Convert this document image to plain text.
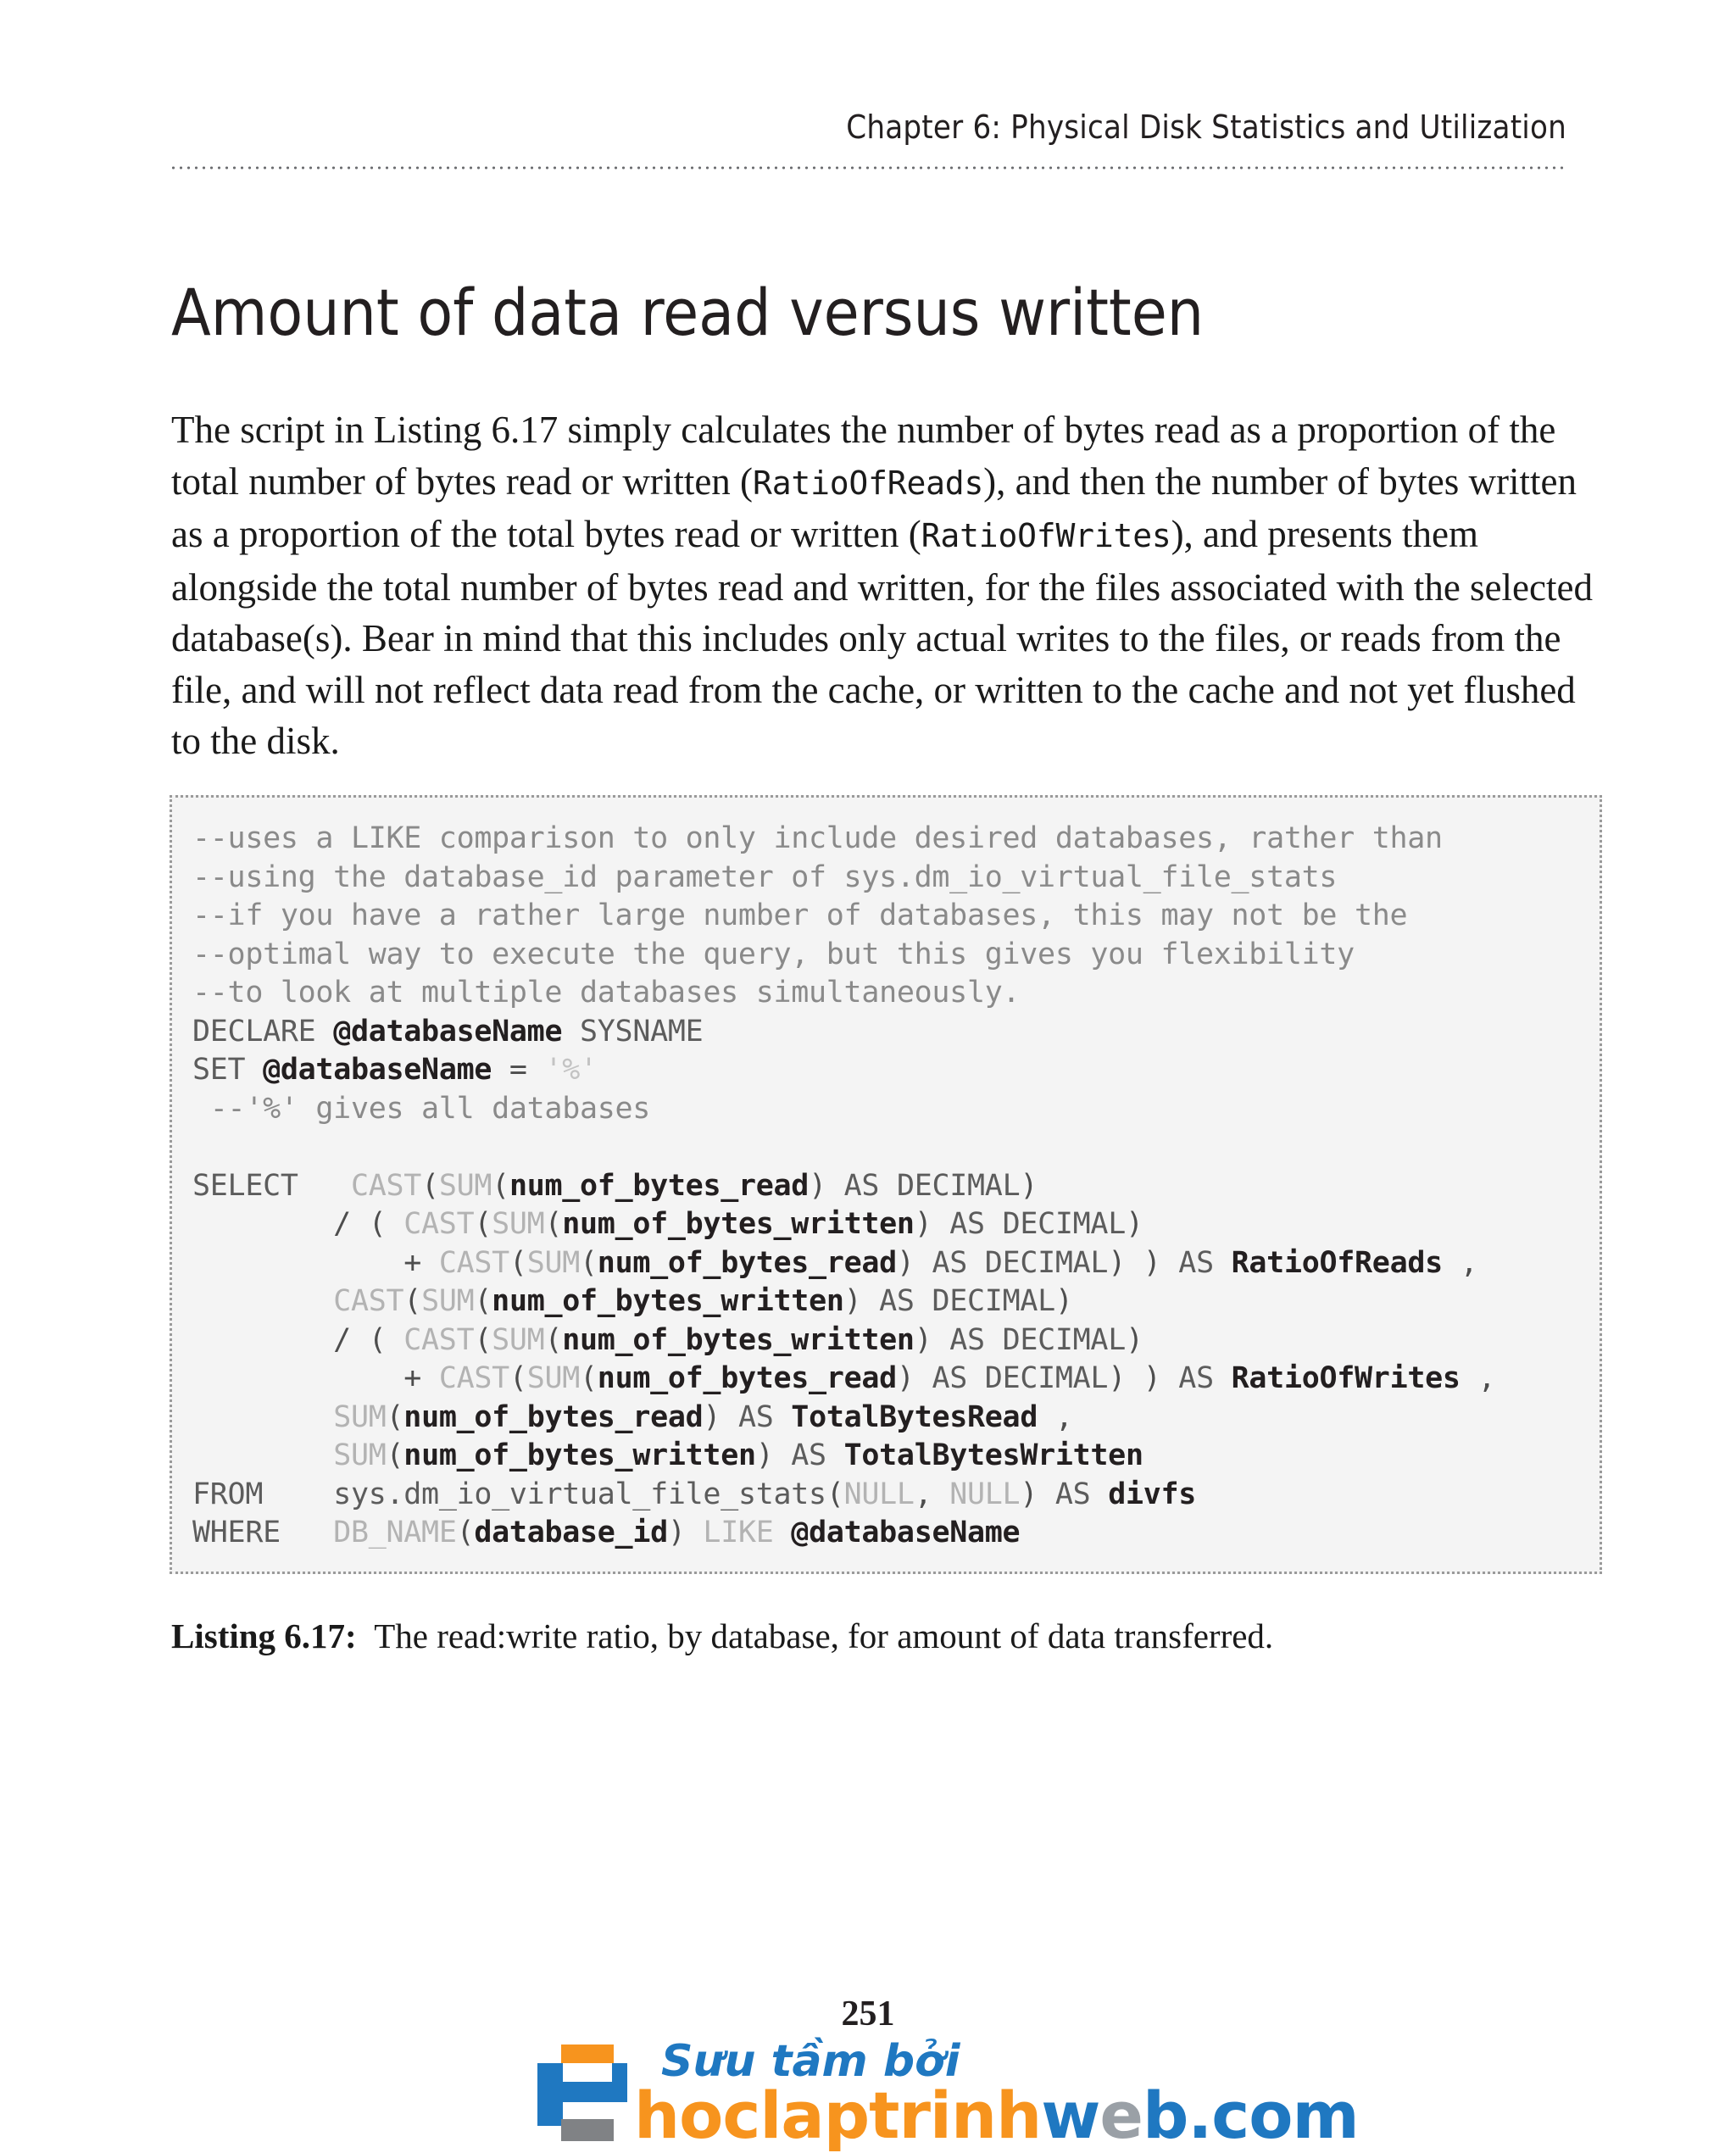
Chapter 6: Physical Disk Statistics and Utilization
Amount of data read versus written

The script in Listing 6.17 simply calculates the number of bytes read as a proportion of the total number of bytes read or written (RatioOfReads), and then the number of bytes written as a proportion of the total bytes read or written (RatioOfWrites), and presents them alongside the total number of bytes read and written, for the files associated with the selected database(s). Bear in mind that this includes only actual writes to the files, or reads from the file, and will not reflect data read from the cache, or written to the cache and not yet flushed to the disk.

--uses a LIKE comparison to only include desired databases, rather than
--using the database_id parameter of sys.dm_io_virtual_file_stats
--if you have a rather large number of databases, this may not be the
--optimal way to execute the query, but this gives you flexibility
--to look at multiple databases simultaneously.
DECLARE @databaseName SYSNAME
SET @databaseName = '%'
--'%' gives all databases

SELECT CAST(SUM(num_of_bytes_read) AS DECIMAL)
/ ( CAST(SUM(num_of_bytes_written) AS DECIMAL)
+ CAST(SUM(num_of_bytes_read) AS DECIMAL) ) AS RatioOfReads ,
CAST(SUM(num_of_bytes_written) AS DECIMAL)
/ ( CAST(SUM(num_of_bytes_written) AS DECIMAL)
+ CAST(SUM(num_of_bytes_read) AS DECIMAL) ) AS RatioOfWrites ,
SUM(num_of_bytes_read) AS TotalBytesRead ,
SUM(num_of_bytes_written) AS TotalBytesWritten
FROM sys.dm_io_virtual_file_stats(NULL, NULL) AS divfs
WHERE DB_NAME(database_id) LIKE @databaseName

Listing 6.17: The read:write ratio, by database, for amount of data transferred.

251
Sưu tầm bởi
hoclaptrinhweb.com
